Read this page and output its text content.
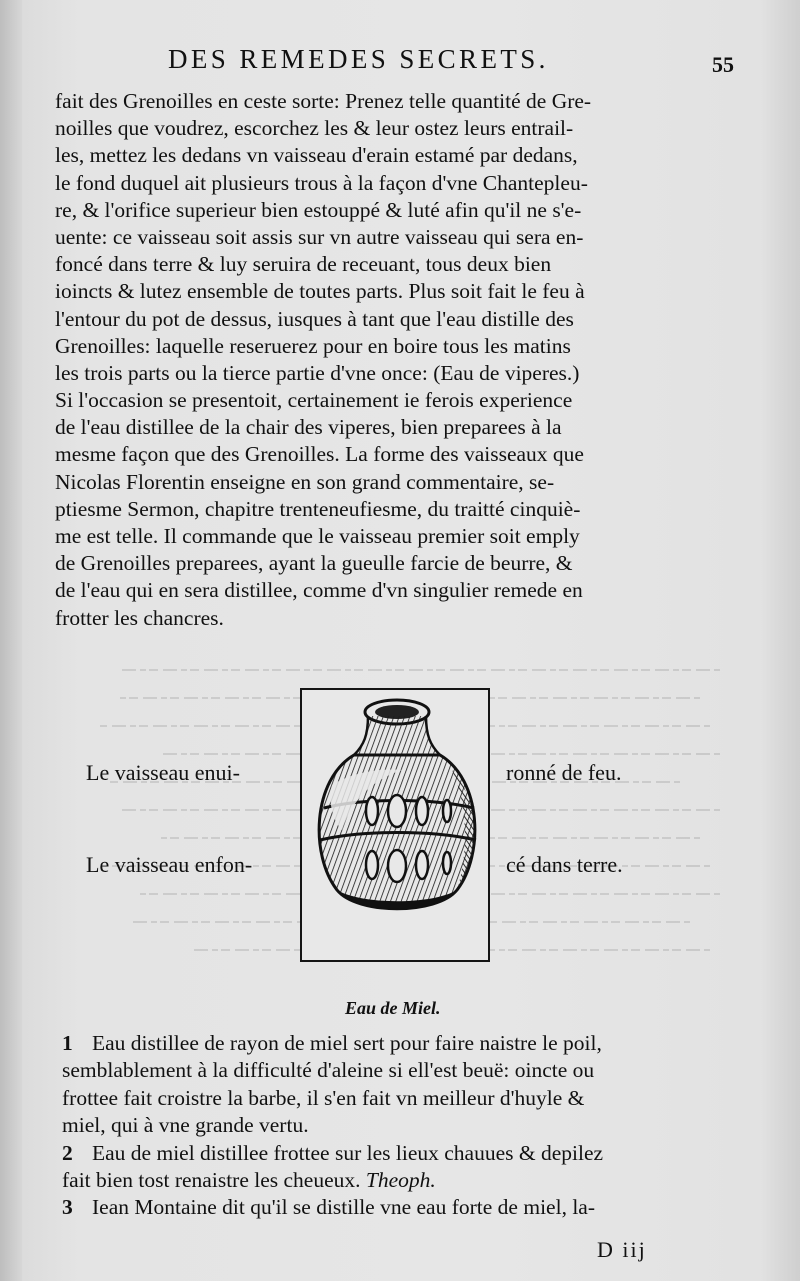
DES REMEDES SECRETS.	55
fait des Grenoilles en ceste sorte: Prenez telle quantité de Gre-
noilles que voudrez, escorchez les & leur ostez leurs entrail-
les, mettez les dedans vn vaisseau d'erain estamé par dedans,
le fond duquel ait plusieurs trous à la façon d'vne Chantepleu-
re, & l'orifice superieur bien estouppé & luté afin qu'il ne s'e-
uente: ce vaisseau soit assis sur vn autre vaisseau qui sera en-
foncé dans terre & luy seruira de receuant, tous deux bien
ioincts & lutez ensemble de toutes parts. Plus soit fait le feu à
l'entour du pot de dessus, iusques à tant que l'eau distille des
Grenoilles: laquelle reseruerez pour en boire tous les matins
les trois parts ou la tierce partie d'vne once: (Eau de viperes.)
Si l'occasion se presentoit, certainement ie ferois experience
de l'eau distillee de la chair des viperes, bien preparees à la
mesme façon que des Grenoilles. La forme des vaisseaux que
Nicolas Florentin enseigne en son grand commentaire, se-
ptiesme Sermon, chapitre trenteneufiesme, du traitté cinquiè-
me est telle. Il commande que le vaisseau premier soit emply
de Grenoilles preparees, ayant la gueulle farcie de beurre, &
de l'eau qui en sera distillee, comme d'vn singulier remede en
frotter les chancres.
Le vaisseau enui-	ronné de feu.
Le vaisseau enfon-	cé dans terre.
Eau de Miel.
1 Eau distillee de rayon de miel sert pour faire naistre le poil,
semblablement à la difficulté d'aleine si ell'est beuë: oincte ou
frottee fait croistre la barbe, il s'en fait vn meilleur d'huyle &
miel, qui à vne grande vertu.
2 Eau de miel distillee frottee sur les lieux chauues & depilez
fait bien tost renaistre les cheueux. Theoph.
3 Iean Montaine dit qu'il se distille vne eau forte de miel, la-
D iij
